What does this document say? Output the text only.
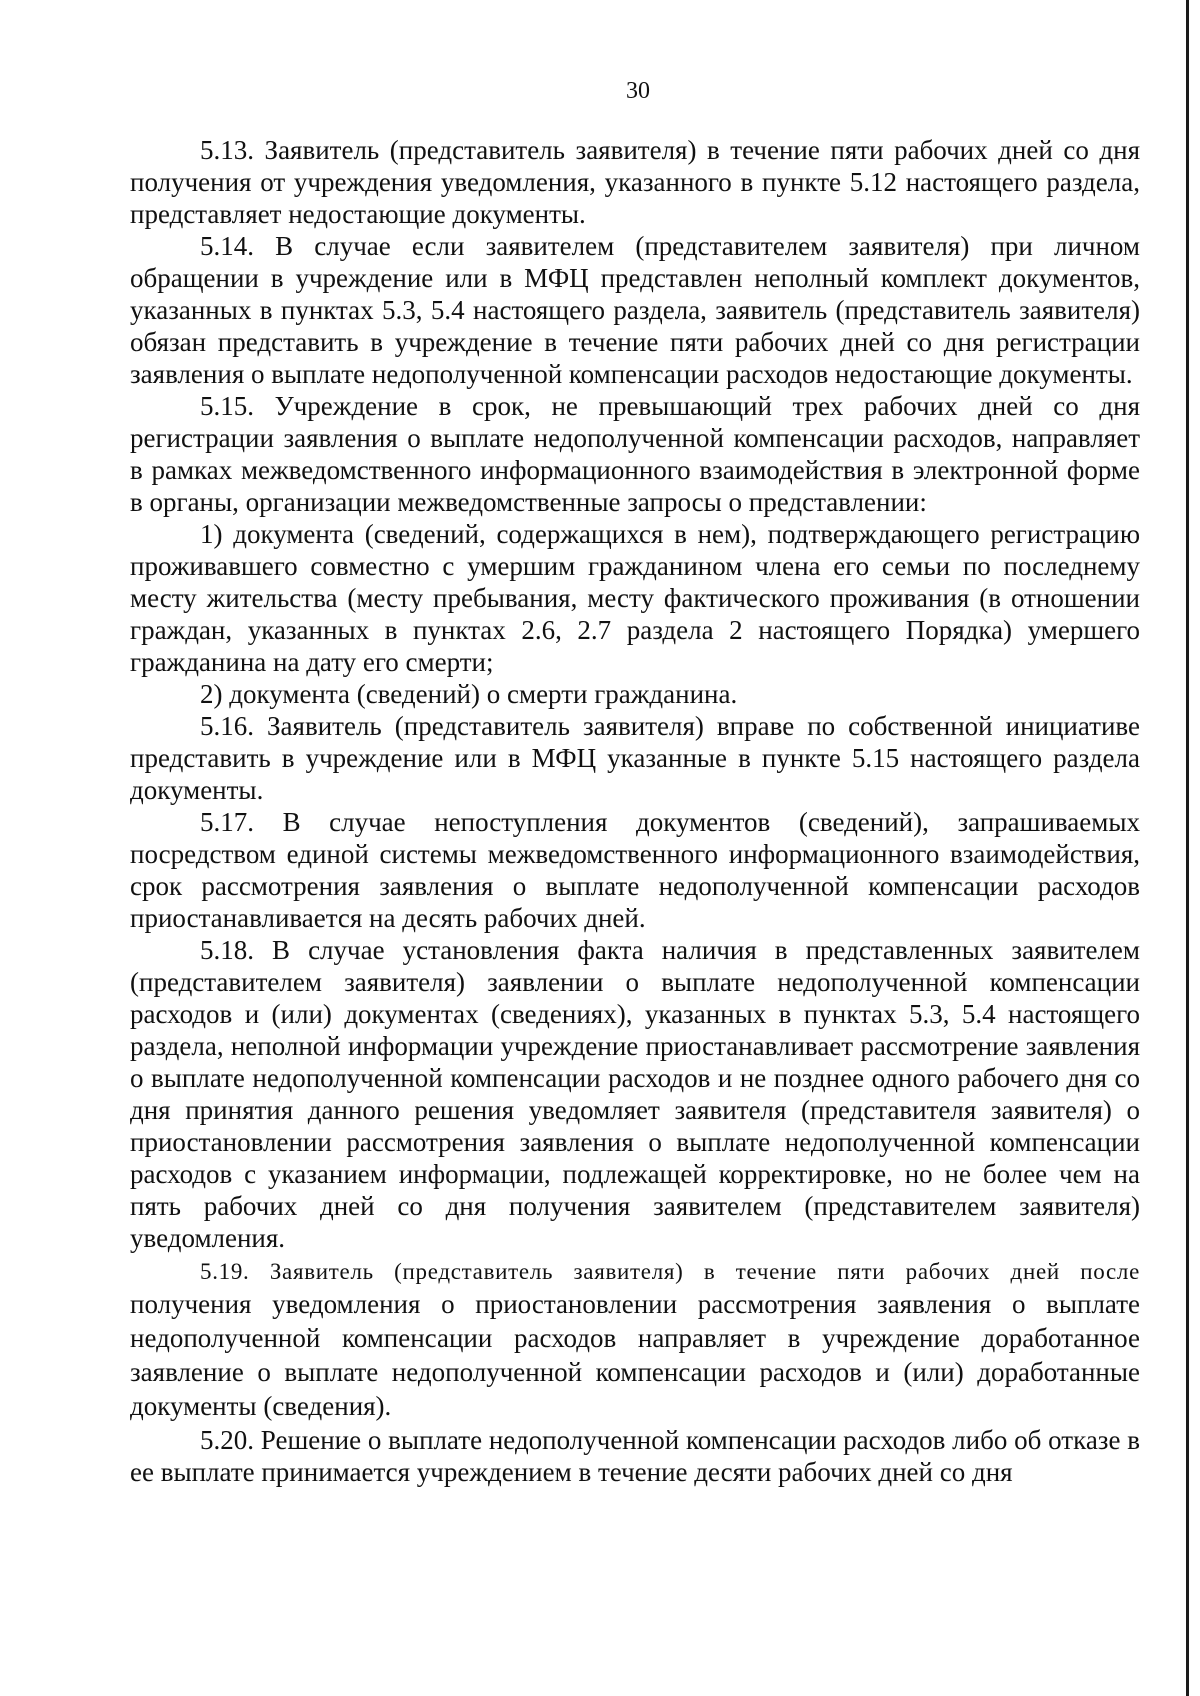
30

5.13. Заявитель (представитель заявителя) в течение пяти рабочих дней со дня получения от учреждения уведомления, указанного в пункте 5.12 настоящего раздела, представляет недостающие документы.

5.14. В случае если заявителем (представителем заявителя) при личном обращении в учреждение или в МФЦ представлен неполный комплект документов, указанных в пунктах 5.3, 5.4 настоящего раздела, заявитель (представитель заявителя) обязан представить в учреждение в течение пяти рабочих дней со дня регистрации заявления о выплате недополученной компенсации расходов недостающие документы.

5.15. Учреждение в срок, не превышающий трех рабочих дней со дня регистрации заявления о выплате недополученной компенсации расходов, направляет в рамках межведомственного информационного взаимодействия в электронной форме в органы, организации межведомственные запросы о представлении:

1) документа (сведений, содержащихся в нем), подтверждающего регистрацию проживавшего совместно с умершим гражданином члена его семьи по последнему месту жительства (месту пребывания, месту фактического проживания (в отношении граждан, указанных в пунктах 2.6, 2.7 раздела 2 настоящего Порядка) умершего гражданина на дату его смерти;

2) документа (сведений) о смерти гражданина.

5.16. Заявитель (представитель заявителя) вправе по собственной инициативе представить в учреждение или в МФЦ указанные в пункте 5.15 настоящего раздела документы.

5.17. В случае непоступления документов (сведений), запрашиваемых посредством единой системы межведомственного информационного взаимодействия, срок рассмотрения заявления о выплате недополученной компенсации расходов приостанавливается на десять рабочих дней.

5.18. В случае установления факта наличия в представленных заявителем (представителем заявителя) заявлении о выплате недополученной компенсации расходов и (или) документах (сведениях), указанных в пунктах 5.3, 5.4 настоящего раздела, неполной информации учреждение приостанавливает рассмотрение заявления о выплате недополученной компенсации расходов и не позднее одного рабочего дня со дня принятия данного решения уведомляет заявителя (представителя заявителя) о приостановлении рассмотрения заявления о выплате недополученной компенсации расходов с указанием информации, подлежащей корректировке, но не более чем на пять рабочих дней со дня получения заявителем (представителем заявителя) уведомления.

5.19. Заявитель (представитель заявителя) в течение пяти рабочих дней после получения уведомления о приостановлении рассмотрения заявления о выплате недополученной компенсации расходов направляет в учреждение доработанное заявление о выплате недополученной компенсации расходов и (или) доработанные документы (сведения).

5.20. Решение о выплате недополученной компенсации расходов либо об отказе в ее выплате принимается учреждением в течение десяти рабочих дней со дня
